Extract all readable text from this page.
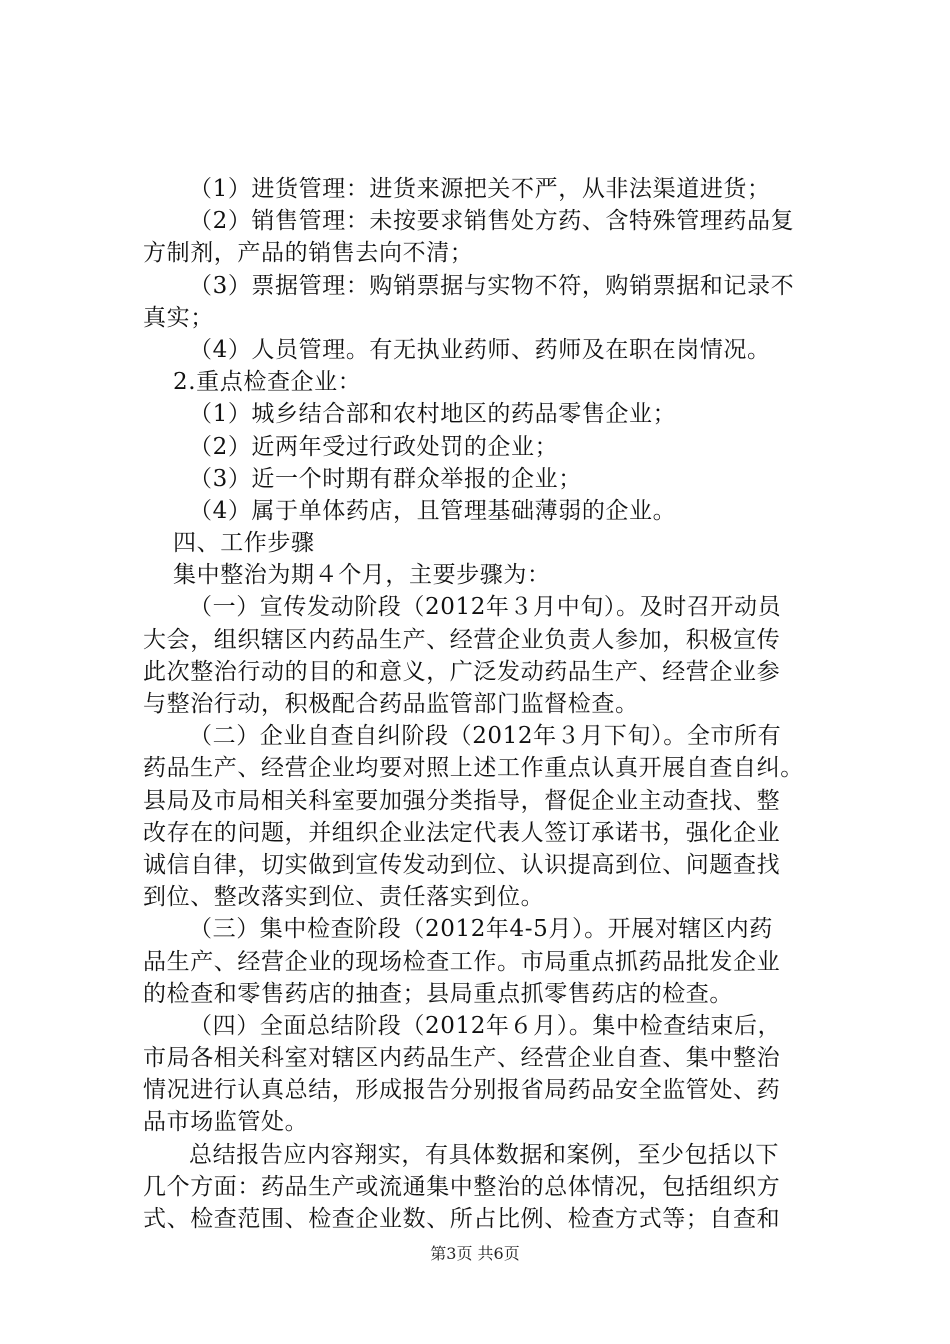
（1）进货管理：进货来源把关不严，从非法渠道进货；
（2）销售管理：未按要求销售处方药、含特殊管理药品复
方制剂，产品的销售去向不清；
（3）票据管理：购销票据与实物不符，购销票据和记录不
真实；
（4）人员管理。有无执业药师、药师及在职在岗情况。
2.重点检查企业：
（1）城乡结合部和农村地区的药品零售企业；
（2）近两年受过行政处罚的企业；
（3）近一个时期有群众举报的企业；
（4）属于单体药店，且管理基础薄弱的企业。
四、工作步骤
集中整治为期４个月，主要步骤为：
（一）宣传发动阶段（2012年３月中旬）。及时召开动员
大会，组织辖区内药品生产、经营企业负责人参加，积极宣传
此次整治行动的目的和意义，广泛发动药品生产、经营企业参
与整治行动，积极配合药品监管部门监督检查。
（二）企业自查自纠阶段（2012年３月下旬）。全市所有
药品生产、经营企业均要对照上述工作重点认真开展自查自纠。
县局及市局相关科室要加强分类指导，督促企业主动查找、整
改存在的问题，并组织企业法定代表人签订承诺书，强化企业
诚信自律，切实做到宣传发动到位、认识提高到位、问题查找
到位、整改落实到位、责任落实到位。
（三）集中检查阶段（2012年4-5月）。开展对辖区内药
品生产、经营企业的现场检查工作。市局重点抓药品批发企业
的检查和零售药店的抽查；县局重点抓零售药店的检查。
（四）全面总结阶段（2012年６月）。集中检查结束后，
市局各相关科室对辖区内药品生产、经营企业自查、集中整治
情况进行认真总结，形成报告分别报省局药品安全监管处、药
品市场监管处。
总结报告应内容翔实，有具体数据和案例，至少包括以下
几个方面：药品生产或流通集中整治的总体情况，包括组织方
式、检查范围、检查企业数、所占比例、检查方式等；自查和
第3页 共6页
